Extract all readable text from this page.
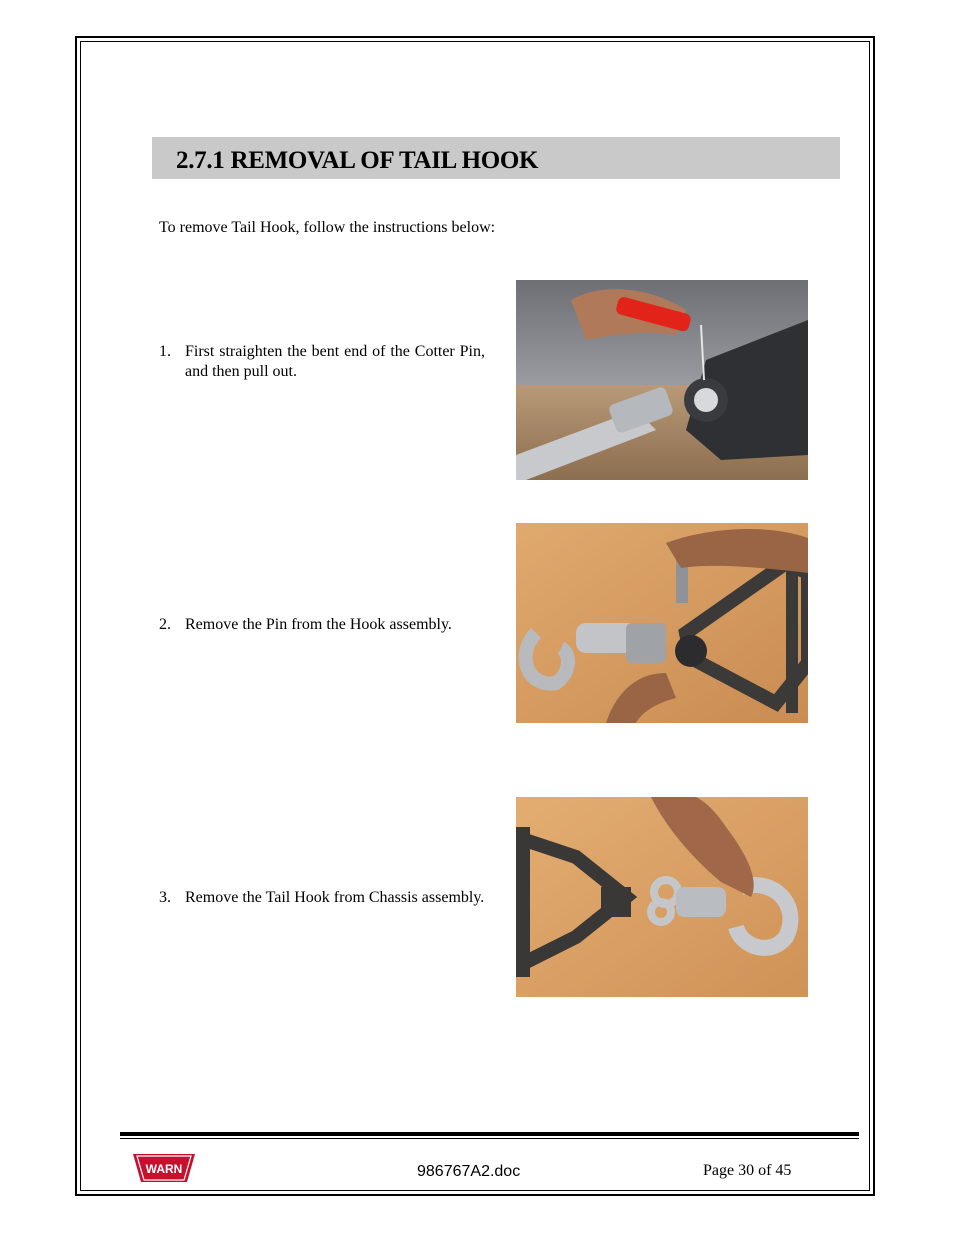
2.7.1 REMOVAL OF TAIL HOOK
To remove Tail Hook, follow the instructions below:
1. First straighten the bent end of the Cotter Pin, and then pull out.
2. Remove the Pin from the Hook assembly.
3. Remove the Tail Hook from Chassis assembly.
WARN	986767A2.doc	Page 30 of 45
